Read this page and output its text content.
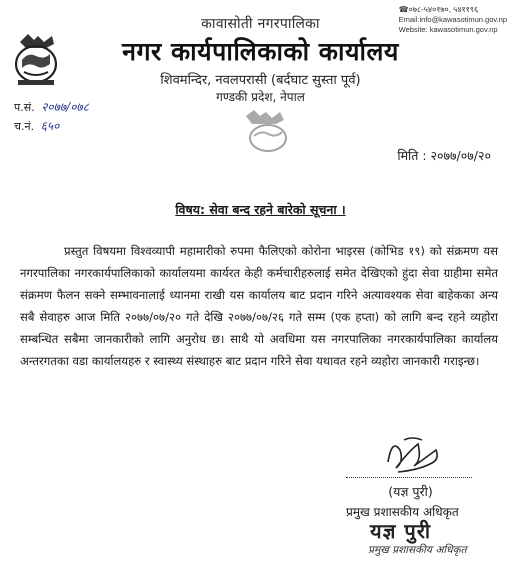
☎०७८-५४०१७०, ५४११९६
Email:info@kawasotimun.gov.np
Website: kawasotimun.gov.np
कावासोती नगरपालिका
नगर कार्यपालिकाको कार्यालय
शिवमन्दिर, नवलपरासी (बर्दघाट सुस्ता पूर्व)
गण्डकी प्रदेश, नेपाल
प.सं. २०७७/०७८
च.नं. ६५०
मिति : २०७७/०७/२०
विषय: सेवा बन्द रहने बारेको सूचना ।
प्रस्तुत विषयमा विश्वव्यापी महामारीको रुपमा फैलिएको कोरोना भाइरस (कोभिड १९) को संक्रमण यस नगरपालिका नगरकार्यपालिकाको कार्यालयमा कार्यरत केही कर्मचारीहरुलाई समेत देखिएको हुंदा सेवा ग्राहीमा समेत संक्रमण फैलन सक्ने सम्भावनालाई ध्यानमा राखी यस कार्यालय बाट प्रदान गरिने अत्यावश्यक सेवा बाहेकका अन्य सबै सेवाहरु आज मिति २०७७/०७/२० गते देखि २०७७/०७/२६ गते सम्म (एक हप्ता) को लागि बन्द रहने व्यहोरा सम्बन्धित सबैमा जानकारीको लागि अनुरोध छ। साथै यो अवधिमा यस नगरपालिका नगरकार्यपालिका कार्यालय अन्तरगतका वडा कार्यालयहरु र स्वास्थ्य संस्थाहरु बाट प्रदान गरिने सेवा यथावत रहने व्यहोरा जानकारी गराइन्छ।
(यज्ञ पुरी)
प्रमुख प्रशासकीय अधिकृत
यज्ञ पुरी
प्रमुख प्रशासकीय अधिकृत
